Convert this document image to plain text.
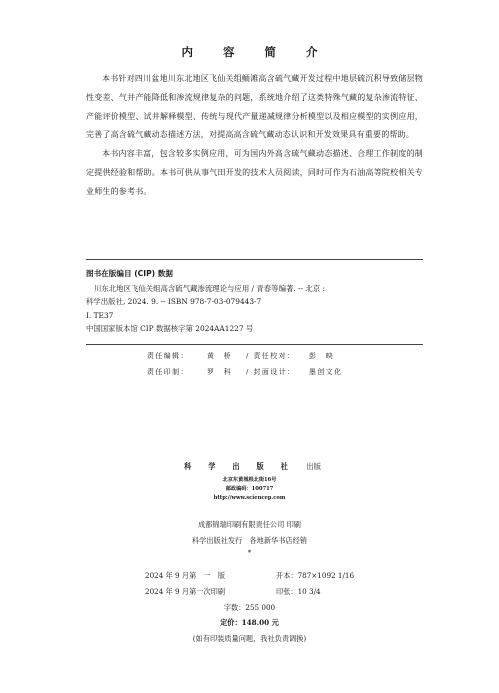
内 容 简 介

本书针对四川盆地川东北地区飞仙关组鲕滩高含硫气藏开发过程中地层硫沉积导致储层物性变差、气井产能降低和渗流规律复杂的问题，系统地介绍了这类特殊气藏的复杂渗流特征、产能评价模型、试井解释模型、传统与现代产量递减规律分析模型以及相应模型的实例应用，完善了高含硫气藏动态描述方法，对提高高含硫气藏动态认识和开发效果具有重要的帮助。

本书内容丰富，包含较多实例应用，可为国内外高含硫气藏动态描述、合理工作制度的制定提供经验和帮助。本书可供从事气田开发的技术人员阅读，同时可作为石油高等院校相关专业师生的参考书。

图书在版编目 (CIP) 数据

川东北地区飞仙关组高含硫气藏渗流理论与应用 / 青春等编著. -- 北京 :

科学出版社, 2024. 9. -- ISBN 978-7-03-079443-7

Ⅰ. TE37

中国国家版本馆 CIP 数据核字第 2024AA1227 号

责任编辑：	黄　桥 / 责任校对： 彭　映
责任印制：	罗　科 / 封面设计： 墨创文化
科 学 出 版 社 出版

北京东黄城根北街16号

邮政编码：100717

http://www.sciencep.com

成都锦瑞印刷有限责任公司 印刷

科学出版社发行　各地新华书店经销

*

2024 年 9 月第　一　版	开本：787×1092 1/16
2024 年 9 月第一次印刷	印张：10 3/4
字数：255 000
定价：148.00 元
(如有印装质量问题，我社负责调换)
